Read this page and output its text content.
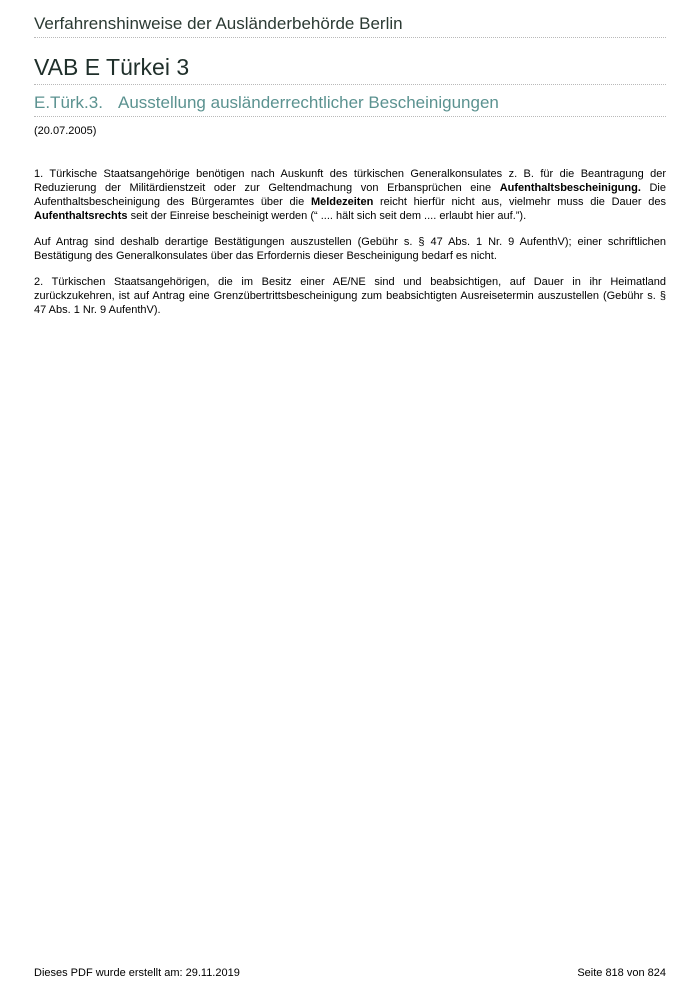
Verfahrenshinweise der Ausländerbehörde Berlin
VAB E Türkei 3
E.Türk.3. Ausstellung ausländerrechtlicher Bescheinigungen
(20.07.2005)

1. Türkische Staatsangehörige benötigen nach Auskunft des türkischen Generalkonsulates z. B. für die Beantragung der Reduzierung der Militärdienstzeit oder zur Geltendmachung von Erbansprüchen eine Aufenthaltsbescheinigung. Die Aufenthaltsbescheinigung des Bürgeramtes über die Meldezeiten reicht hierfür nicht aus, vielmehr muss die Dauer des Aufenthaltsrechts seit der Einreise bescheinigt werden (“ .... hält sich seit dem .... erlaubt hier auf.”).

Auf Antrag sind deshalb derartige Bestätigungen auszustellen (Gebühr s. § 47 Abs. 1 Nr. 9 AufenthV); einer schriftlichen Bestätigung des Generalkonsulates über das Erfordernis dieser Bescheinigung bedarf es nicht.

2. Türkischen Staatsangehörigen, die im Besitz einer AE/NE sind und beabsichtigen, auf Dauer in ihr Heimatland zurückzukehren, ist auf Antrag eine Grenzübertrittsbescheinigung zum beabsichtigten Ausreisetermin auszustellen (Gebühr s. § 47 Abs. 1 Nr. 9 AufenthV).

Dieses PDF wurde erstellt am: 29.11.2019	Seite 818 von 824
